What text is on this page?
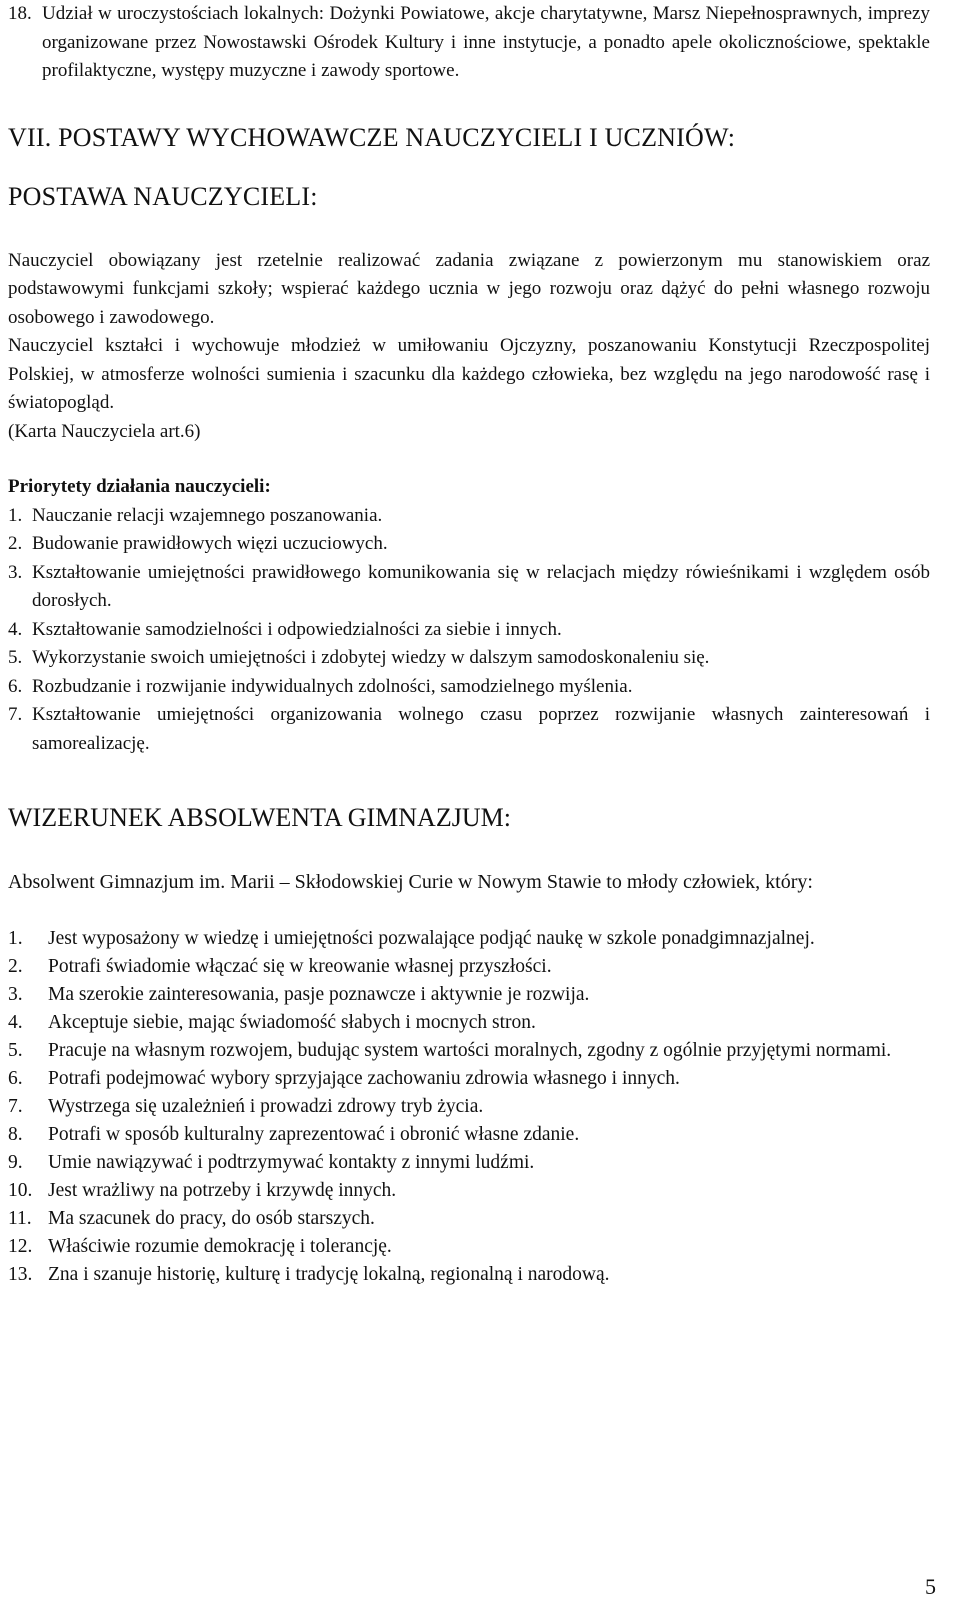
18. Udział w uroczystościach lokalnych: Dożynki Powiatowe, akcje charytatywne, Marsz Niepełnosprawnych, imprezy organizowane przez Nowostawski Ośrodek Kultury i inne instytucje, a ponadto apele okolicznościowe, spektakle profilaktyczne, występy muzyczne i zawody sportowe.
VII. POSTAWY WYCHOWAWCZE NAUCZYCIELI I UCZNIÓW:
POSTAWA NAUCZYCIELI:

Nauczyciel obowiązany jest rzetelnie realizować zadania związane z powierzonym mu stanowiskiem oraz podstawowymi funkcjami szkoły; wspierać każdego ucznia w jego rozwoju oraz dążyć do pełni własnego rozwoju osobowego i zawodowego.

Nauczyciel kształci i wychowuje młodzież w umiłowaniu Ojczyzny, poszanowaniu Konstytucji Rzeczpospolitej Polskiej, w atmosferze wolności sumienia i szacunku dla każdego człowieka, bez względu na jego narodowość rasę i światopogląd.

(Karta Nauczyciela art.6)

Priorytety działania nauczycieli:
1. Nauczanie relacji wzajemnego poszanowania.
2. Budowanie prawidłowych więzi uczuciowych.
3. Kształtowanie umiejętności prawidłowego komunikowania się w relacjach między rówieśnikami i względem osób dorosłych.
4. Kształtowanie samodzielności i odpowiedzialności za siebie i innych.
5. Wykorzystanie swoich umiejętności i zdobytej wiedzy w dalszym samodoskonaleniu się.
6. Rozbudzanie i rozwijanie indywidualnych zdolności, samodzielnego myślenia.
7. Kształtowanie umiejętności organizowania wolnego czasu poprzez rozwijanie własnych zainteresowań i samorealizację.
WIZERUNEK ABSOLWENTA GIMNAZJUM:

Absolwent Gimnazjum im. Marii – Skłodowskiej Curie w Nowym Stawie to młody człowiek, który:

1.	Jest wyposażony w wiedzę i umiejętności pozwalające podjąć naukę w szkole ponadgimnazjalnej.
2.	Potrafi świadomie włączać się w kreowanie własnej przyszłości.
3.	Ma szerokie zainteresowania, pasje poznawcze i aktywnie je rozwija.
4.	Akceptuje siebie, mając świadomość słabych i mocnych stron.
5.	Pracuje na własnym rozwojem, budując system wartości moralnych, zgodny z ogólnie przyjętymi normami.
6.	Potrafi podejmować wybory sprzyjające zachowaniu zdrowia własnego i innych.
7.	Wystrzega się uzależnień i prowadzi zdrowy tryb życia.
8.	Potrafi w sposób kulturalny zaprezentować i obronić własne zdanie.
9.	Umie nawiązywać i podtrzymywać kontakty z innymi ludźmi.
10. Jest wrażliwy na potrzeby i krzywdę innych.
11. Ma szacunek do pracy, do osób starszych.
12. Właściwie rozumie demokrację i tolerancję.
13. Zna i szanuje historię, kulturę i tradycję lokalną, regionalną i narodową.
5
